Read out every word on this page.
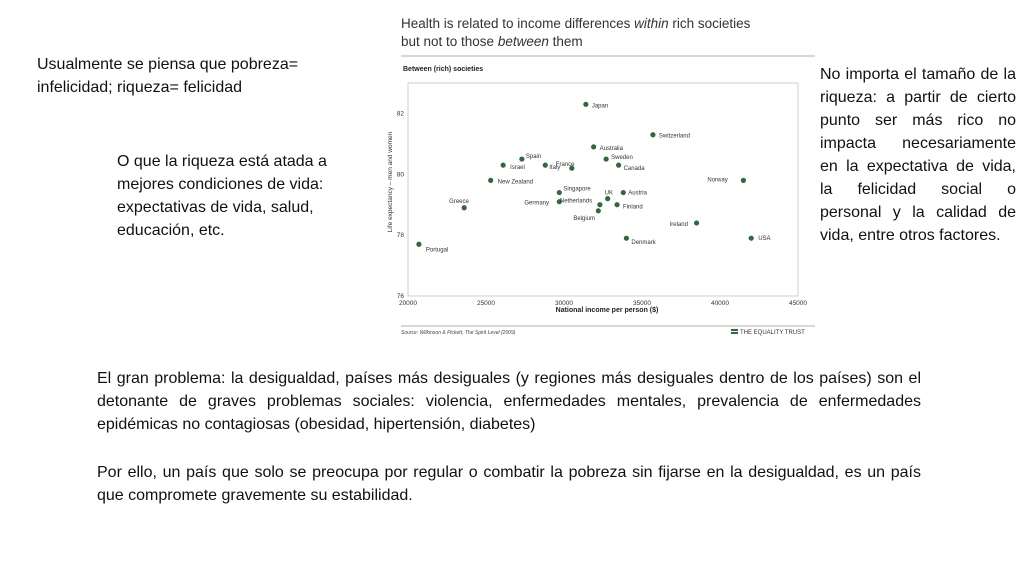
Usualmente se piensa que pobreza= infelicidad; riqueza= felicidad

O que la riqueza está atada a mejores condiciones de vida: expectativas de vida, salud, educación, etc.

No importa el tamaño de la riqueza: a partir de cierto punto ser más rico no impacta necesariamente en la expectativa de vida, la felicidad social o personal y la calidad de vida, entre otros factores.

El gran problema: la desigualdad, países más desiguales (y regiones más desiguales dentro de los países) son el detonante de graves problemas sociales: violencia, enfermedades mentales, prevalencia de enfermedades epidémicas no contagiosas (obesidad, hipertensión, diabetes)

Por ello, un país que solo se preocupa por regular o combatir la pobreza sin fijarse en la desigualdad, es un país que compromete gravemente su estabilidad.

Health is related to income differences within rich societies
but not to those between them
Between (rich) societies
Life expectancy – men and women
National income per person ($)
Source: Wilkinson & Pickett, The Spirit Level (2009)	THE EQUALITY TRUST
20000	25000	30000	35000	40000	45000
76
78
80
82
Japan
Switzerland
Australia
Spain	Sweden
Israel	Italy
France
Canada
New Zealand	Norway
Singapore
UK	Austria
Germany Netherlands
Finland
Belgium
Greece
Ireland
Portugal
Denmark
USA
